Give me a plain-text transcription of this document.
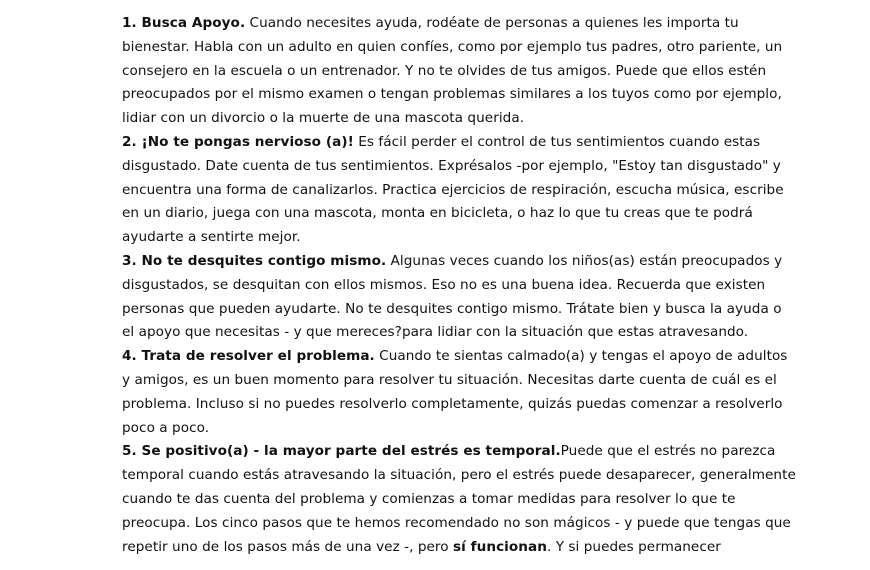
1. Busca Apoyo. Cuando necesites ayuda, rodéate de personas a quienes les importa tu
bienestar. Habla con un adulto en quien confíes, como por ejemplo tus padres, otro pariente, un
consejero en la escuela o un entrenador. Y no te olvides de tus amigos. Puede que ellos estén
preocupados por el mismo examen o tengan problemas similares a los tuyos como por ejemplo,
lidiar con un divorcio o la muerte de una mascota querida.
2. ¡No te pongas nervioso (a)! Es fácil perder el control de tus sentimientos cuando estas
disgustado. Date cuenta de tus sentimientos. Exprésalos -por ejemplo, "Estoy tan disgustado" y
encuentra una forma de canalizarlos. Practica ejercicios de respiración, escucha música, escribe
en un diario, juega con una mascota, monta en bicicleta, o haz lo que tu creas que te podrá
ayudarte a sentirte mejor.
3. No te desquites contigo mismo. Algunas veces cuando los niños(as) están preocupados y
disgustados, se desquitan con ellos mismos. Eso no es una buena idea. Recuerda que existen
personas que pueden ayudarte. No te desquites contigo mismo. Trátate bien y busca la ayuda o
el apoyo que necesitas - y que mereces?para lidiar con la situación que estas atravesando.
4. Trata de resolver el problema. Cuando te sientas calmado(a) y tengas el apoyo de adultos
y amigos, es un buen momento para resolver tu situación. Necesitas darte cuenta de cuál es el
problema. Incluso si no puedes resolverlo completamente, quizás puedas comenzar a resolverlo
poco a poco.
5. Se positivo(a) - la mayor parte del estrés es temporal.Puede que el estrés no parezca
temporal cuando estás atravesando la situación, pero el estrés puede desaparecer, generalmente
cuando te das cuenta del problema y comienzas a tomar medidas para resolver lo que te
preocupa. Los cinco pasos que te hemos recomendado no son mágicos - y puede que tengas que
repetir uno de los pasos más de una vez -, pero sí funcionan. Y si puedes permanecer
